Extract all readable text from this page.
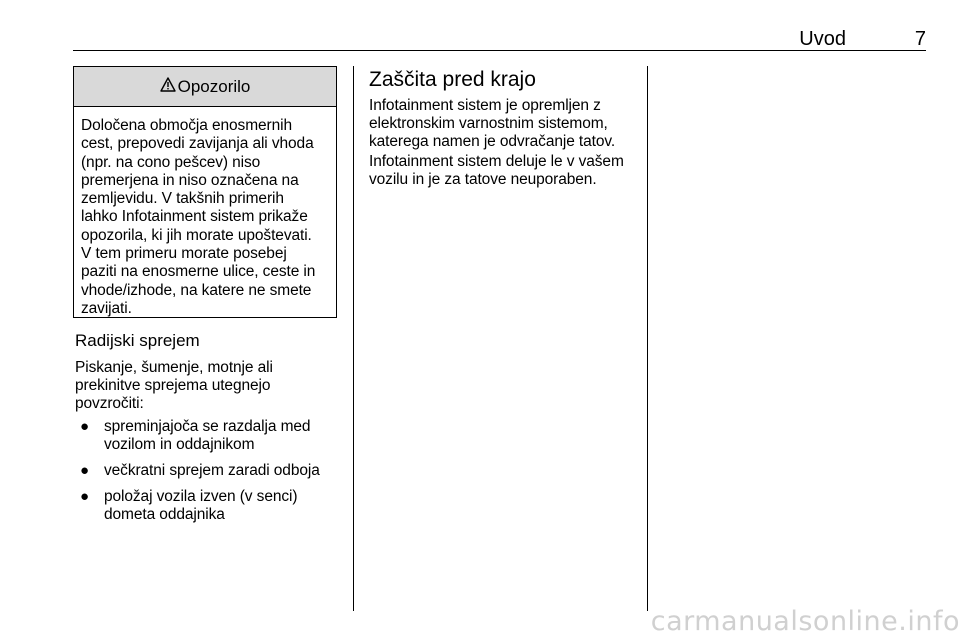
Uvod	7
Opozorilo
Določena območja enosmernih
cest, prepovedi zavijanja ali vhoda
(npr. na cono pešcev) niso
premerjena in niso označena na
zemljevidu. V takšnih primerih
lahko Infotainment sistem prikaže
opozorila, ki jih morate upoštevati.
V tem primeru morate posebej
paziti na enosmerne ulice, ceste in
vhode/izhode, na katere ne smete
zavijati.
Radijski sprejem

Piskanje, šumenje, motnje ali
prekinitve sprejema utegnejo
povzročiti:

● spreminjajoča se razdalja med
vozilom in oddajnikom
● večkratni sprejem zaradi odboja
● položaj vozila izven (v senci)
dometa oddajnika
Zaščita pred krajo

Infotainment sistem je opremljen z
elektronskim varnostnim sistemom,
katerega namen je odvračanje tatov.

Infotainment sistem deluje le v vašem
vozilu in je za tatove neuporaben.

carmanualsonline.info
